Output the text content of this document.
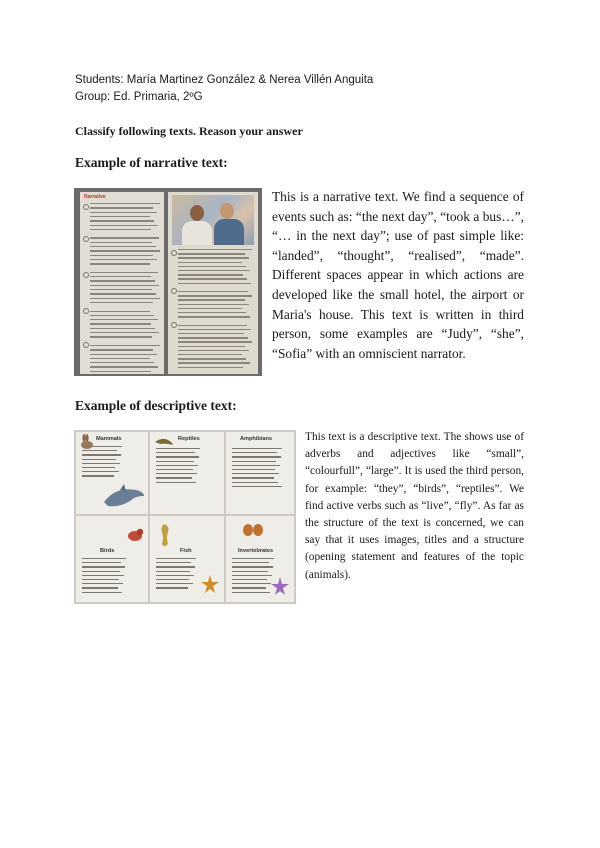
Students: María Martinez González & Nerea Villén Anguita
Group: Ed. Primaria, 2ºG
Classify following texts. Reason your answer
Example of narrative text:
Narrative	This is a narrative text. We find a sequence of events such as: “the next day”, “took a bus…”, “… in the next day”; use of past simple like: “landed”, “thought”, “realised”, “made”. Different spaces appear in which actions are developed like the small hotel, the airport or Maria's house. This text is written in third person, some examples are “Judy”, “she”, “Sofia” with an omniscient narrator.
Example of descriptive text:
Mammals	Reptiles	Amphibians
Birds	Fish	Invertebrates
This text is a descriptive text. The shows use of adverbs and adjectives like “small”, “colourfull”, “large”. It is used the third person, for example: “they”, “birds”, “reptiles”. We find active verbs such as “live”, “fly”. As far as the structure of the text is concerned, we can say that it uses images, titles and a structure (opening statement and features of the topic (animals).
